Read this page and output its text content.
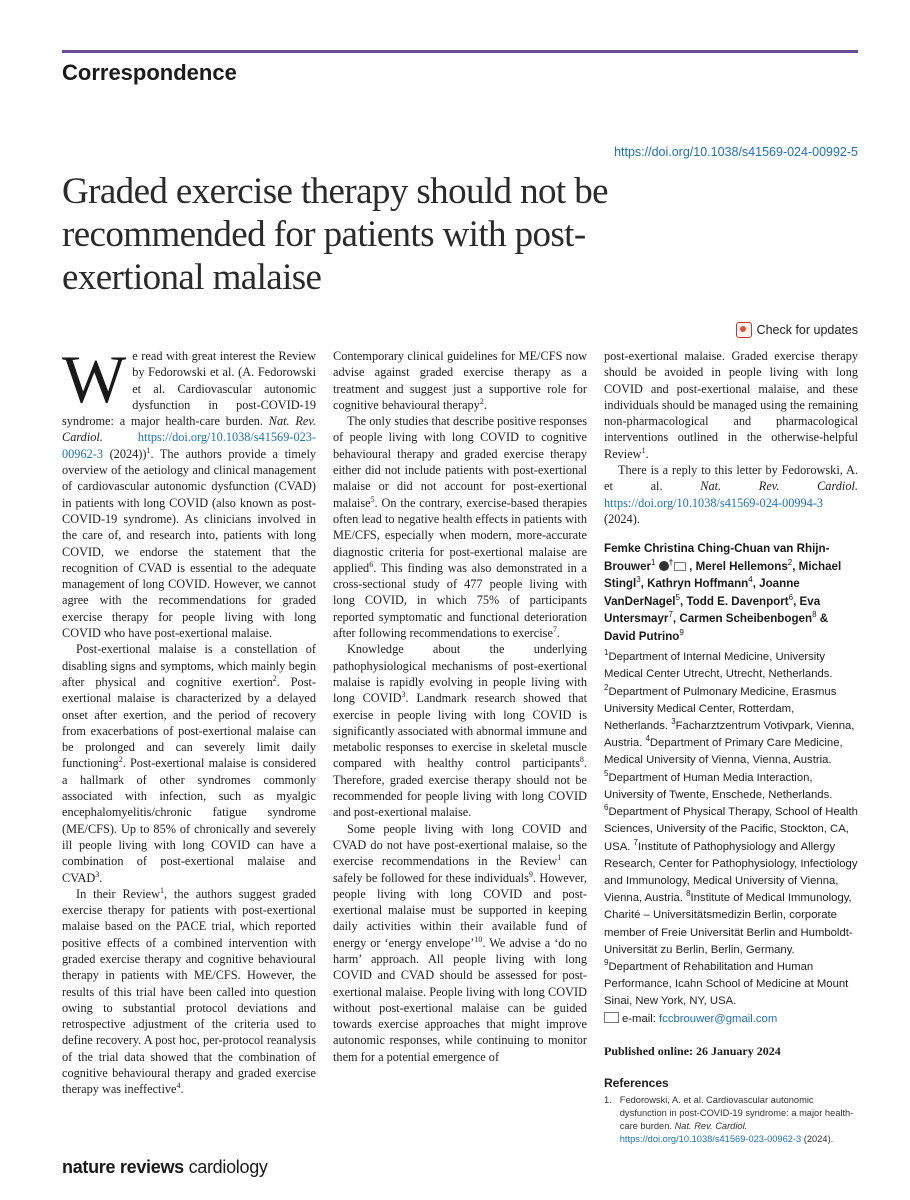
Correspondence
https://doi.org/10.1038/s41569-024-00992-5
Graded exercise therapy should not be recommended for patients with post-exertional malaise
Check for updates

We read with great interest the Review by Fedorowski et al. (A. Fedorowski et al. Cardiovascular autonomic dysfunction in post-COVID-19 syndrome: a major health-care burden. Nat. Rev. Cardiol.	https://doi.org/10.1038/s41569-023-00962-3 (2024))$^1$. The authors provide a timely overview of the aetiology and clinical management of cardiovascular autonomic dysfunction (CVAD) in patients with long COVID (also known as post-COVID-19 syndrome). As clinicians involved in the care of, and research into, patients with long COVID, we endorse the statement that the recognition of CVAD is essential to the adequate management of long COVID. However, we cannot agree with the recommendations for graded exercise therapy for people living with long COVID who have post-exertional malaise.

Post-exertional malaise is a constellation of disabling signs and symptoms, which mainly begin after physical and cognitive exertion$^2$. Post-exertional malaise is characterized by a delayed onset after exertion, and the period of recovery from exacerbations of post-exertional malaise can be prolonged and can severely limit daily functioning$^2$. Post-exertional malaise is considered a hallmark of other syndromes commonly associated with infection, such as myalgic encephalomyelitis/chronic fatigue syndrome (ME/CFS). Up to 85% of chronically and severely ill people living with long COVID can have a combination of post-exertional malaise and CVAD$^3$.

In their Review$^1$, the authors suggest graded exercise therapy for patients with post-exertional malaise based on the PACE trial, which reported positive effects of a combined intervention with graded exercise therapy and cognitive behavioural therapy in patients with ME/CFS. However, the results of this trial have been called into question owing to substantial protocol deviations and retrospective adjustment of the criteria used to define recovery. A post hoc, per-protocol reanalysis of the trial data showed that the combination of cognitive behavioural therapy and graded exercise therapy was ineffective$^4$.

Contemporary clinical guidelines for ME/CFS now advise against graded exercise therapy as a treatment and suggest just a supportive role for cognitive behavioural therapy$^2$.

The only studies that describe positive responses of people living with long COVID to cognitive behavioural therapy and graded exercise therapy either did not include patients with post-exertional malaise or did not account for post-exertional malaise$^5$. On the contrary, exercise-based therapies often lead to negative health effects in patients with ME/CFS, especially when modern, more-accurate diagnostic criteria for post-exertional malaise are applied$^6$. This finding was also demonstrated in a cross-sectional study of 477 people living with long COVID, in which 75% of participants reported symptomatic and functional deterioration after following recommendations to exercise$^7$.

Knowledge about the underlying pathophysiological mechanisms of post-exertional malaise is rapidly evolving in people living with long COVID$^3$. Landmark research showed that exercise in people living with long COVID is significantly associated with abnormal immune and metabolic responses to exercise in skeletal muscle compared with healthy control participants$^8$. Therefore, graded exercise therapy should not be recommended for people living with long COVID and post-exertional malaise.

Some people living with long COVID and CVAD do not have post-exertional malaise, so the exercise recommendations in the Review$^1$ can safely be followed for these individuals$^9$. However, people living with long COVID and post-exertional malaise must be supported in keeping daily activities within their available fund of energy or ‘energy envelope’$^{10}$. We advise a ‘do no harm’ approach. All people living with long COVID and CVAD should be assessed for post-exertional malaise. People living with long COVID without post-exertional malaise can be guided towards exercise approaches that might improve autonomic responses, while continuing to monitor them for a potential emergence of

post-exertional malaise. Graded exercise therapy should be avoided in people living with long COVID and post-exertional malaise, and these individuals should be managed using the remaining non-pharmacological and pharmacological interventions outlined in the otherwise-helpful Review$^1$.

There is a reply to this letter by Fedorowski, A. et al. Nat. Rev. Cardiol. https://doi.org/10.1038/s41569-024-00994-3 (2024).

Femke Christina Ching-Chuan van Rhijn-Brouwer$^1$ † , Merel Hellemons$^2$, Michael Stingl$^3$, Kathryn Hoffmann$^4$, Joanne VanDerNagel$^5$, Todd E. Davenport$^6$, Eva Untersmayr$^7$, Carmen Scheibenbogen$^8$ & David Putrino$^9$
$^1$Department of Internal Medicine, University Medical Center Utrecht, Utrecht, Netherlands. $^2$Department of Pulmonary Medicine, Erasmus University Medical Center, Rotterdam, Netherlands. $^3$Facharztzentrum Votivpark, Vienna, Austria. $^4$Department of Primary Care Medicine, Medical University of Vienna, Vienna, Austria. $^5$Department of Human Media Interaction, University of Twente, Enschede, Netherlands. $^6$Department of Physical Therapy, School of Health Sciences, University of the Pacific, Stockton, CA, USA. $^7$Institute of Pathophysiology and Allergy Research, Center for Pathophysiology, Infectiology and Immunology, Medical University of Vienna, Vienna, Austria. $^8$Institute of Medical Immunology, Charité – Universitätsmedizin Berlin, corporate member of Freie Universität Berlin and Humboldt-Universität zu Berlin, Berlin, Germany. $^9$Department of Rehabilitation and Human Performance, Icahn School of Medicine at Mount Sinai, New York, NY, USA.
e-mail: fccbrouwer@gmail.com
Published online: 26 January 2024
References
1. Fedorowski, A. et al. Cardiovascular autonomic dysfunction in post-COVID-19 syndrome: a major health-care burden. Nat. Rev. Cardiol. https://doi.org/10.1038/s41569-023-00962-3 (2024).
nature reviews cardiology
